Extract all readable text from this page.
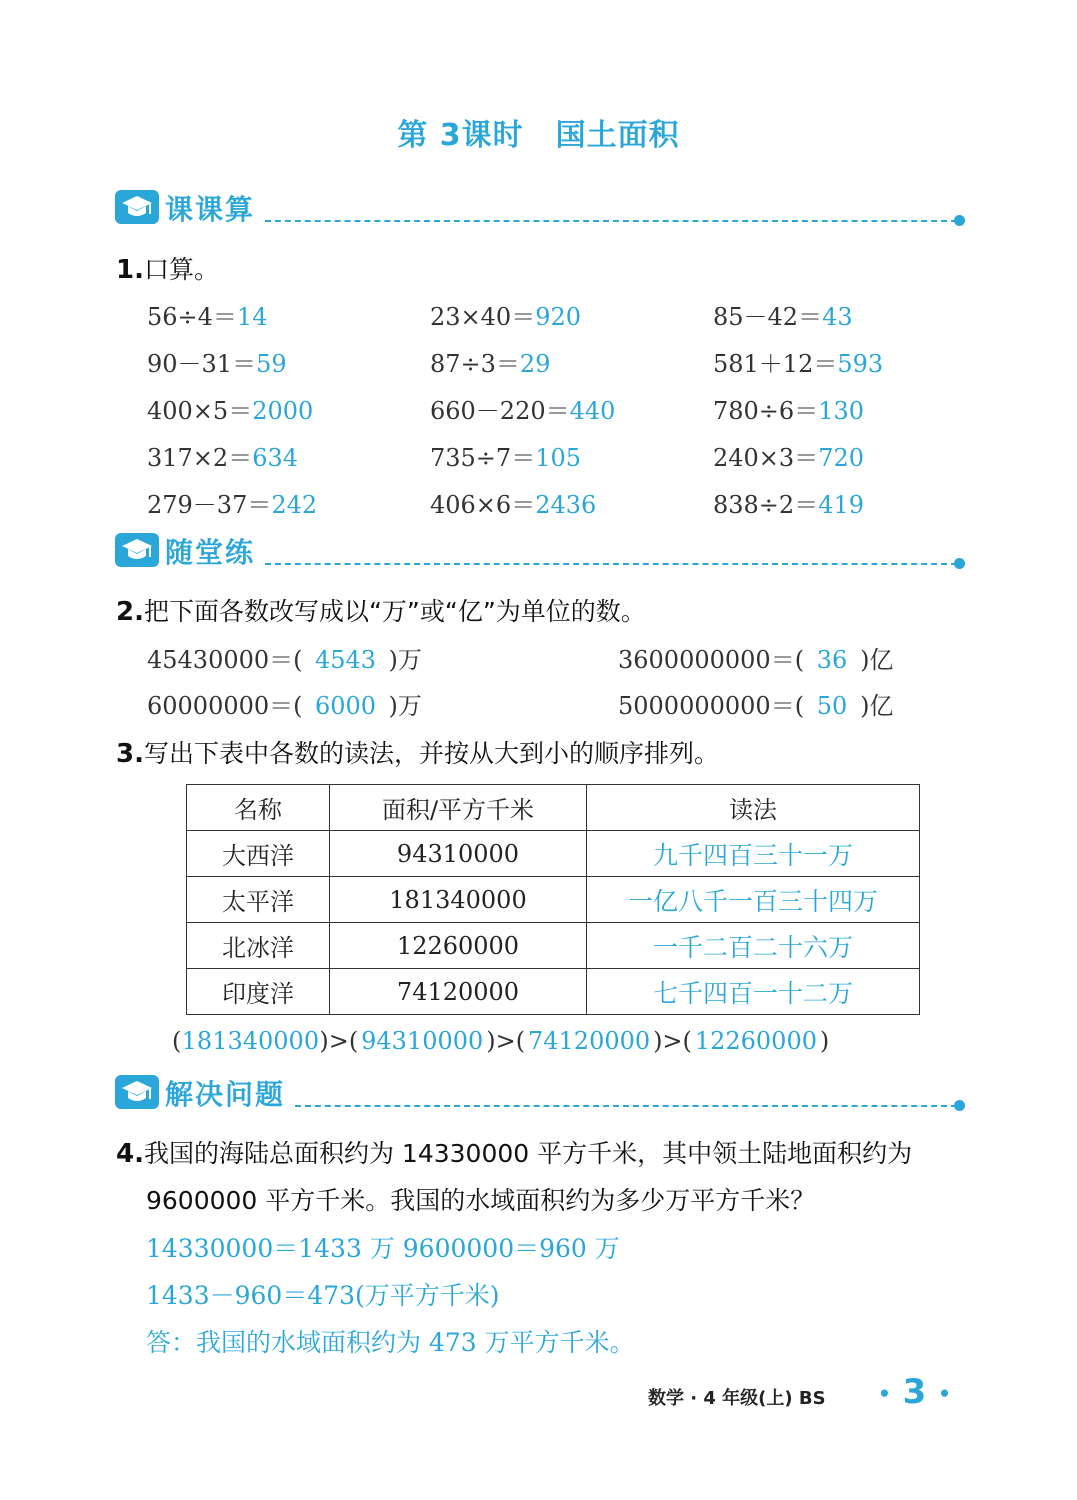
第 3课时 国土面积
课课算
1.口算。
56÷4＝14	23×40＝920	85－42＝43
90－31＝59	87÷3＝29	581＋12＝593
400×5＝2000	660－220＝440	780÷6＝130
317×2＝634	735÷7＝105	240×3＝720
279－37＝242	406×6＝2436	838÷2＝419
随堂练
2.把下面各数改写成以“万”或“亿”为单位的数。
45430000＝( 4543 )万	3600000000＝( 36 )亿
60000000＝( 6000 )万	5000000000＝( 50 )亿
3.写出下表中各数的读法，并按从大到小的顺序排列。
名称	面积/平方千米	读法
大西洋	94310000	九千四百三十一万
太平洋	181340000	一亿八千一百三十四万
北冰洋	12260000	一千二百二十六万
印度洋	74120000	七千四百一十二万
(181340000)>( 94310000 )>( 74120000 )>( 12260000 )
解决问题
4.我国的海陆总面积约为 14330000 平方千米，其中领土陆地面积约为
9600000 平方千米。我国的水域面积约为多少万平方千米？
14330000＝1433 万 9600000＝960 万
1433－960＝473(万平方千米)
答：我国的水域面积约为 473 万平方千米。
数学 · 4 年级(上) BS	• 3 •
